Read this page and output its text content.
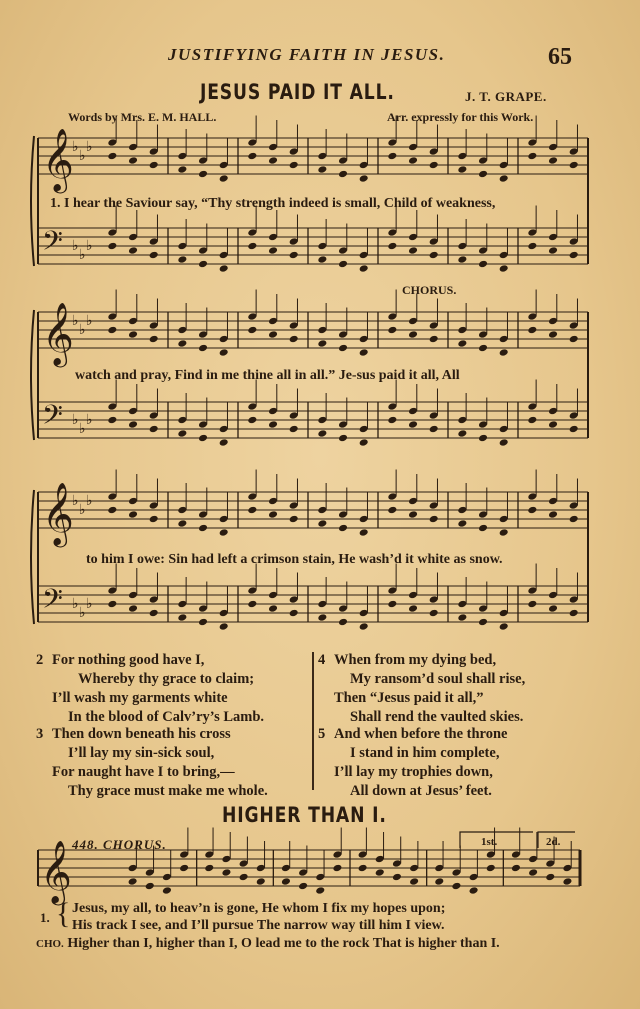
JUSTIFYING FAITH IN JESUS.	65
JESUS PAID IT ALL.	J. T. GRAPE.
Words by Mrs. E. M. HALL.	Arr. expressly for this Work.
𝄞
𝄢
♭
♭
♭
♭
♭
♭
𝄞
𝄢
♭
♭
♭
♭
♭
♭
𝄞
𝄢
♭
♭
♭
♭
♭
♭
𝄞
1. I hear the Saviour say, “Thy strength indeed is small, Child of weakness,
CHORUS.
watch and pray, Find in me thine all in all.” Je-sus paid it all, All
to him I owe: Sin had left a crimson stain, He wash’d it white as snow.
2 For nothing good have I,
Whereby thy grace to claim;
I’ll wash my garments white
In the blood of Calv’ry’s Lamb.
3 Then down beneath his cross
I’ll lay my sin-sick soul,
For naught have I to bring,—
Thy grace must make me whole.
4 When from my dying bed,
My ransom’d soul shall rise,
Then “Jesus paid it all,”
Shall rend the vaulted skies.
5 And when before the throne
I stand in him complete,
I’ll lay my trophies down,
All down at Jesus’ feet.
HIGHER THAN I.
448. CHORUS.	1st.	2d.
1. { Jesus, my all, to heav’n is gone, He whom I fix my hopes upon;
His track I see, and I’ll pursue The narrow way till him I view.
CHO. Higher than I, higher than I, O lead me to the rock That is higher than I.
